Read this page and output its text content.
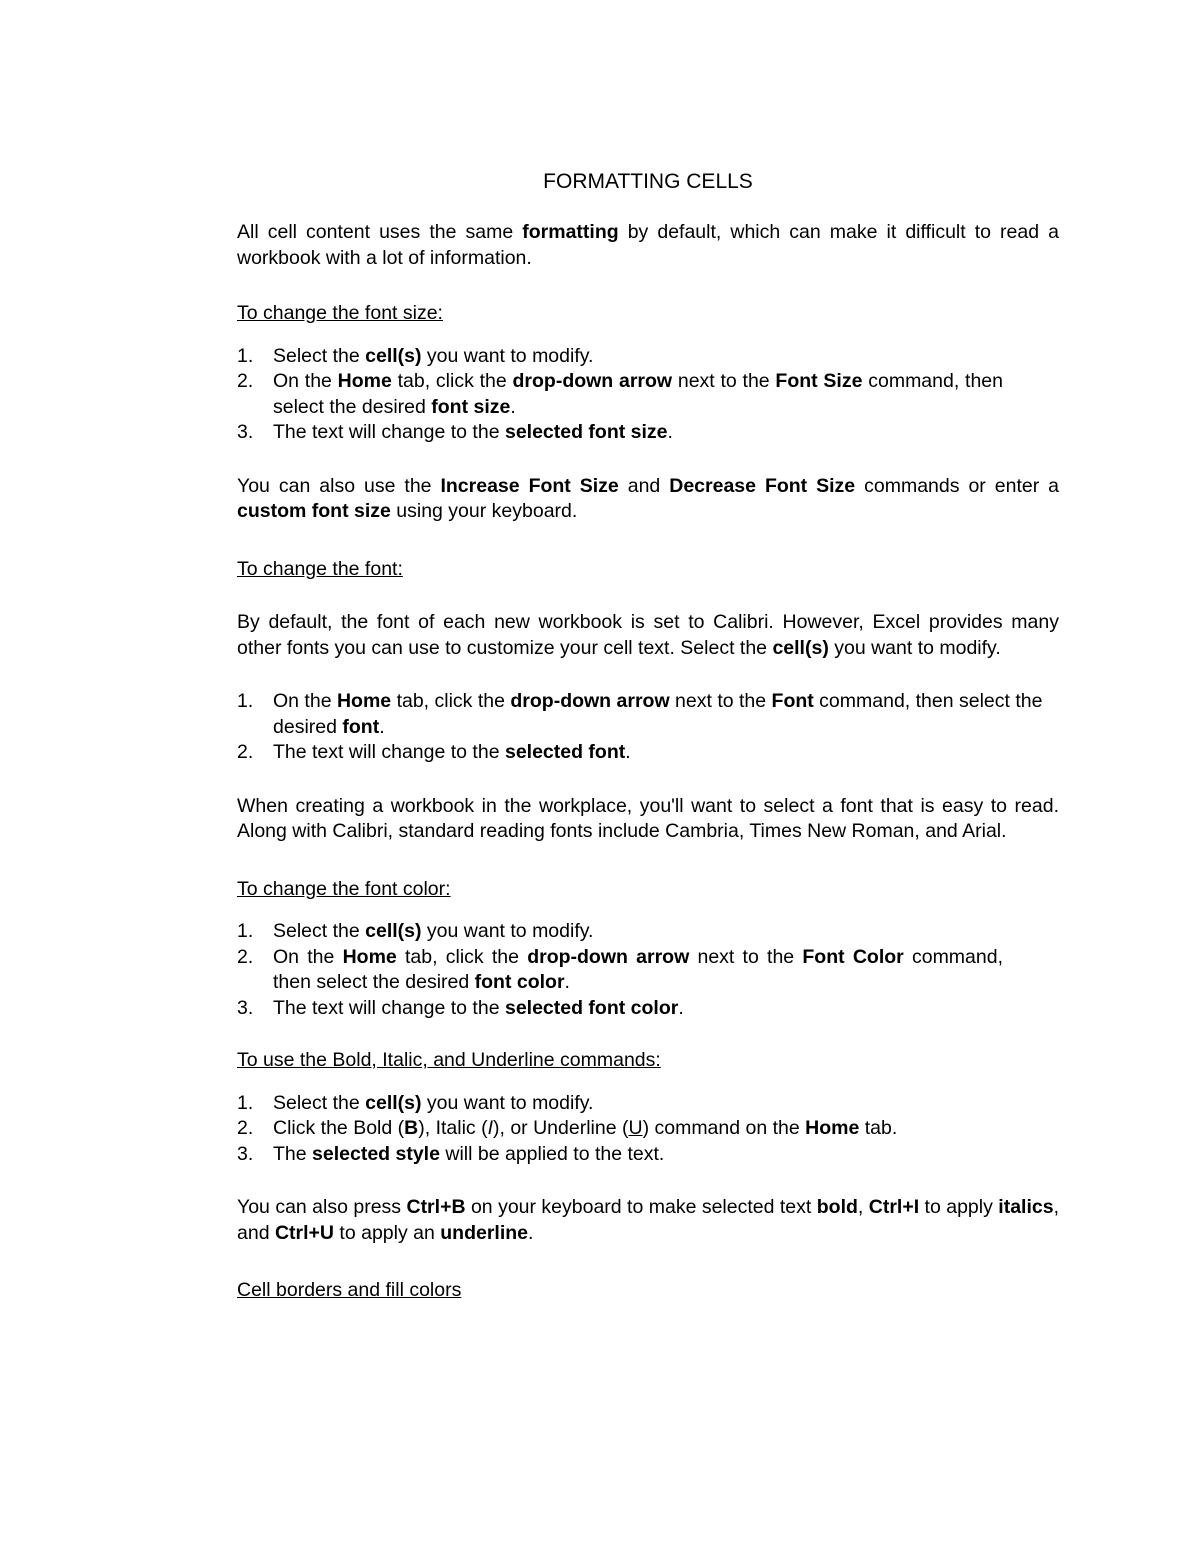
FORMATTING CELLS

All cell content uses the same formatting by default, which can make it difficult to read a workbook with a lot of information.

To change the font size:

1. Select the cell(s) you want to modify.
2. On the Home tab, click the drop-down arrow next to the Font Size command, then select the desired font size.
3. The text will change to the selected font size.

You can also use the Increase Font Size and Decrease Font Size commands or enter a custom font size using your keyboard.

To change the font:

By default, the font of each new workbook is set to Calibri. However, Excel provides many other fonts you can use to customize your cell text. Select the cell(s) you want to modify.

1. On the Home tab, click the drop-down arrow next to the Font command, then select the desired font.
2. The text will change to the selected font.

When creating a workbook in the workplace, you'll want to select a font that is easy to read. Along with Calibri, standard reading fonts include Cambria, Times New Roman, and Arial.

To change the font color:

1. Select the cell(s) you want to modify.
2. On the Home tab, click the drop-down arrow next to the Font Color command, then select the desired font color.
3. The text will change to the selected font color.

To use the Bold, Italic, and Underline commands:

1. Select the cell(s) you want to modify.
2. Click the Bold (B), Italic (I), or Underline (U) command on the Home tab.
3. The selected style will be applied to the text.

You can also press Ctrl+B on your keyboard to make selected text bold, Ctrl+I to apply italics, and Ctrl+U to apply an underline.

Cell borders and fill colors
